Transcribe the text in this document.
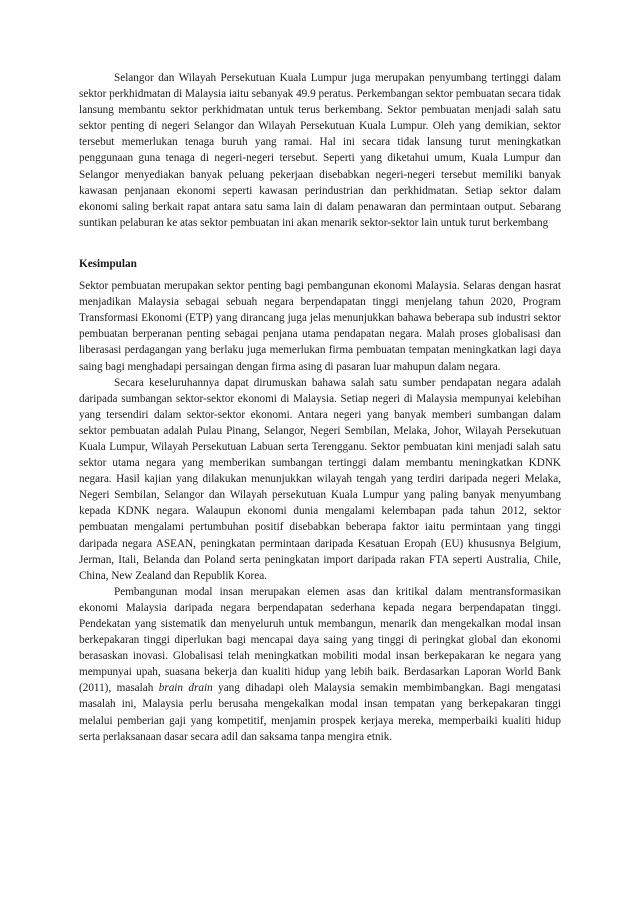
Selangor dan Wilayah Persekutuan Kuala Lumpur juga merupakan penyumbang tertinggi dalam sektor perkhidmatan di Malaysia iaitu sebanyak 49.9 peratus. Perkembangan sektor pembuatan secara tidak lansung membantu sektor perkhidmatan untuk terus berkembang. Sektor pembuatan menjadi salah satu sektor penting di negeri Selangor dan Wilayah Persekutuan Kuala Lumpur. Oleh yang demikian, sektor tersebut memerlukan tenaga buruh yang ramai. Hal ini secara tidak lansung turut meningkatkan penggunaan guna tenaga di negeri-negeri tersebut. Seperti yang diketahui umum, Kuala Lumpur dan Selangor menyediakan banyak peluang pekerjaan disebabkan negeri-negeri tersebut memiliki banyak kawasan penjanaan ekonomi seperti kawasan perindustrian dan perkhidmatan. Setiap sektor dalam ekonomi saling berkait rapat antara satu sama lain di dalam penawaran dan permintaan output. Sebarang suntikan pelaburan ke atas sektor pembuatan ini akan menarik sektor-sektor lain untuk turut berkembang

Kesimpulan

Sektor pembuatan merupakan sektor penting bagi pembangunan ekonomi Malaysia. Selaras dengan hasrat menjadikan Malaysia sebagai sebuah negara berpendapatan tinggi menjelang tahun 2020, Program Transformasi Ekonomi (ETP) yang dirancang juga jelas menunjukkan bahawa beberapa sub industri sektor pembuatan berperanan penting sebagai penjana utama pendapatan negara. Malah proses globalisasi dan liberasasi perdagangan yang berlaku juga memerlukan firma pembuatan tempatan meningkatkan lagi daya saing bagi menghadapi persaingan dengan firma asing di pasaran luar mahupun dalam negara.

Secara keseluruhannya dapat dirumuskan bahawa salah satu sumber pendapatan negara adalah daripada sumbangan sektor-sektor ekonomi di Malaysia. Setiap negeri di Malaysia mempunyai kelebihan yang tersendiri dalam sektor-sektor ekonomi. Antara negeri yang banyak memberi sumbangan dalam sektor pembuatan adalah Pulau Pinang, Selangor, Negeri Sembilan, Melaka, Johor, Wilayah Persekutuan Kuala Lumpur, Wilayah Persekutuan Labuan serta Terengganu. Sektor pembuatan kini menjadi salah satu sektor utama negara yang memberikan sumbangan tertinggi dalam membantu meningkatkan KDNK negara. Hasil kajian yang dilakukan menunjukkan wilayah tengah yang terdiri daripada negeri Melaka, Negeri Sembilan, Selangor dan Wilayah persekutuan Kuala Lumpur yang paling banyak menyumbang kepada KDNK negara. Walaupun ekonomi dunia mengalami kelembapan pada tahun 2012, sektor pembuatan mengalami pertumbuhan positif disebabkan beberapa faktor iaitu permintaan yang tinggi daripada negara ASEAN, peningkatan permintaan daripada Kesatuan Eropah (EU) khususnya Belgium, Jerman, Itali, Belanda dan Poland serta peningkatan import daripada rakan FTA seperti Australia, Chile, China, New Zealand dan Republik Korea.

Pembangunan modal insan merupakan elemen asas dan kritikal dalam mentransformasikan ekonomi Malaysia daripada negara berpendapatan sederhana kepada negara berpendapatan tinggi. Pendekatan yang sistematik dan menyeluruh untuk membangun, menarik dan mengekalkan modal insan berkepakaran tinggi diperlukan bagi mencapai daya saing yang tinggi di peringkat global dan ekonomi berasaskan inovasi. Globalisasi telah meningkatkan mobiliti modal insan berkepakaran ke negara yang mempunyai upah, suasana bekerja dan kualiti hidup yang lebih baik. Berdasarkan Laporan World Bank (2011), masalah brain drain yang dihadapi oleh Malaysia semakin membimbangkan. Bagi mengatasi masalah ini, Malaysia perlu berusaha mengekalkan modal insan tempatan yang berkepakaran tinggi melalui pemberian gaji yang kompetitif, menjamin prospek kerjaya mereka, memperbaiki kualiti hidup serta perlaksanaan dasar secara adil dan saksama tanpa mengira etnik.
